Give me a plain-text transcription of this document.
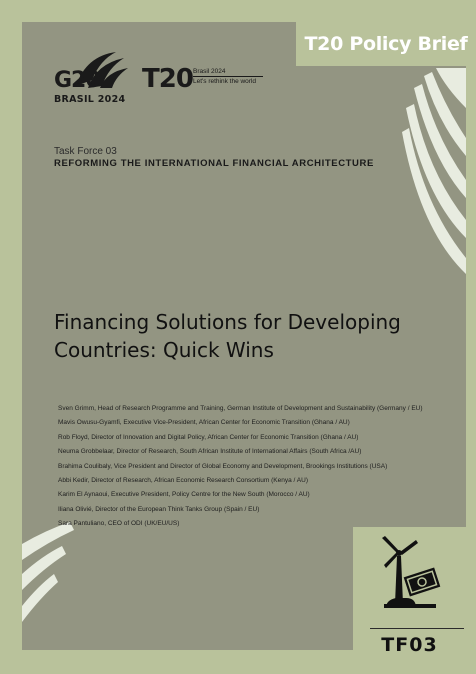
T20 Policy Brief
G20
BRASIL 2024
T20 Brasil 2024
Let's rethink the world
Task Force 03
REFORMING THE INTERNATIONAL FINANCIAL ARCHITECTURE
Financing Solutions for Developing Countries: Quick Wins
Sven Grimm, Head of Research Programme and Training, German Institute of Development and Sustainability (Germany / EU)
Mavis Owusu-Gyamfi, Executive Vice-President, African Center for Economic Transition (Ghana / AU)
Rob Floyd, Director of Innovation and Digital Policy, African Center for Economic Transition (Ghana / AU)
Neuma Grobbelaar, Director of Research, South African Institute of International Affairs (South Africa /AU)
Brahima Coulibaly, Vice President and Director of Global Economy and Development, Brookings Institutions (USA)
Abbi Kedir, Director of Research, African Economic Research Consortium (Kenya / AU)
Karim El Aynaoui, Executive President, Policy Centre for the New South (Morocco / AU)
Iliana Olivié, Director of the European Think Tanks Group (Spain / EU)
Sara Pantuliano, CEO of ODI (UK/EU/US)
TF03
